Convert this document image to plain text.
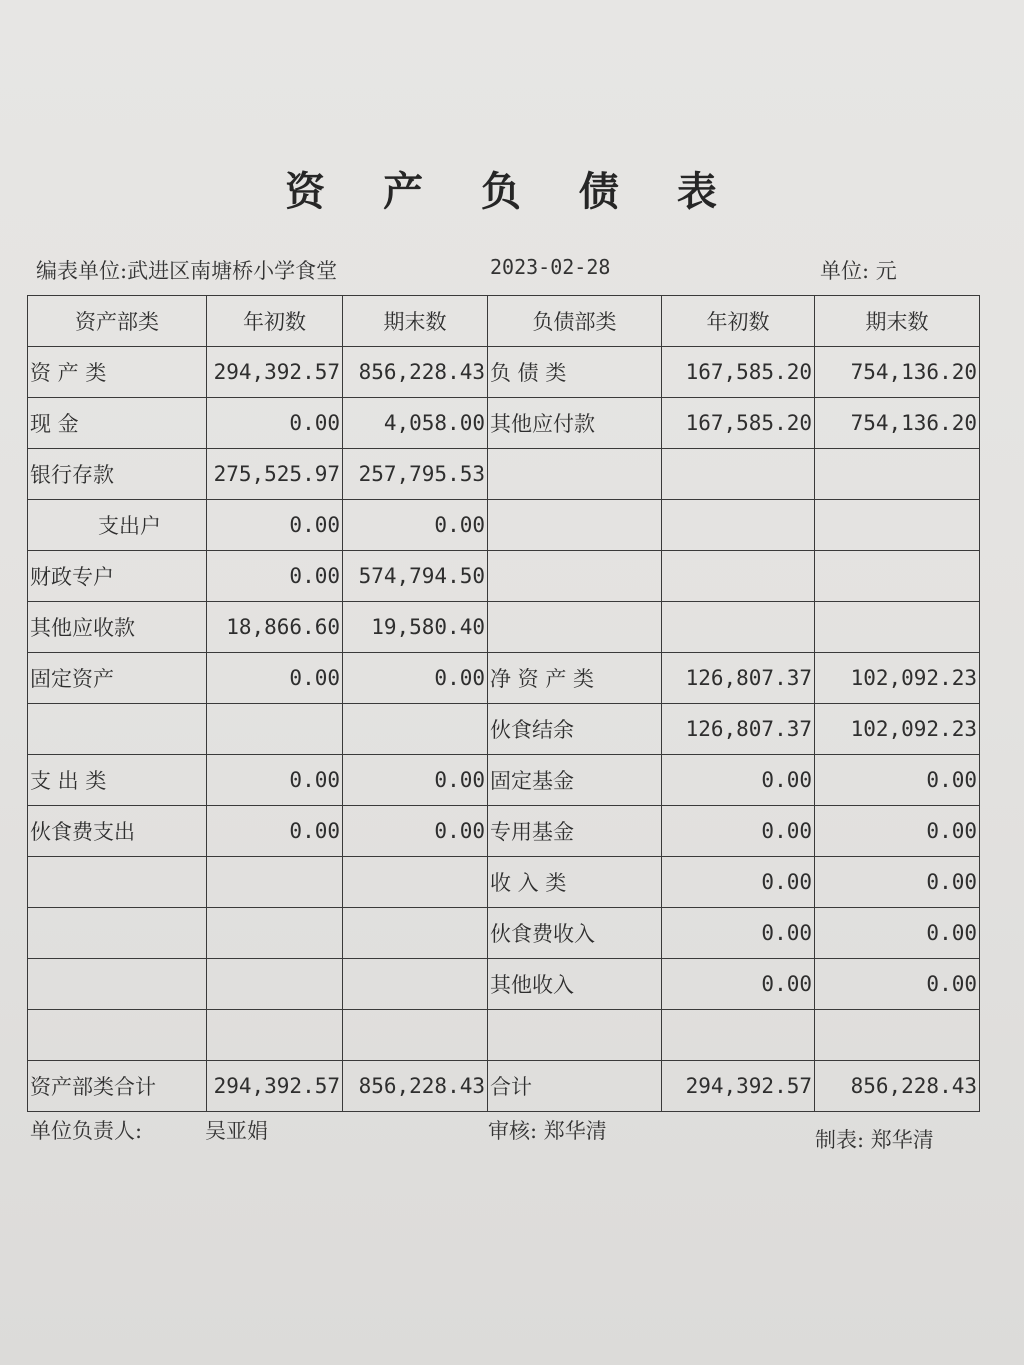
资 产 负 债 表
编表单位:武进区南塘桥小学食堂	2023-02-28	单位: 元
资产部类	年初数	期末数	负债部类	年初数	期末数
资 产 类	294,392.57	856,228.43	负 债 类	167,585.20	754,136.20
现 金	0.00	4,058.00	其他应付款	167,585.20	754,136.20
银行存款	275,525.97	257,795.53			
支出户	0.00	0.00			
财政专户	0.00	574,794.50			
其他应收款	18,866.60	19,580.40			
固定资产	0.00	0.00	净 资 产 类	126,807.37	102,092.23
			伙食结余	126,807.37	102,092.23
支 出 类	0.00	0.00	固定基金	0.00	0.00
伙食费支出	0.00	0.00	专用基金	0.00	0.00
			收 入 类	0.00	0.00
			伙食费收入	0.00	0.00
			其他收入	0.00	0.00

资产部类合计	294,392.57	856,228.43	合计	294,392.57	856,228.43
单位负责人:	吴亚娟	审核: 郑华清	制表: 郑华清
